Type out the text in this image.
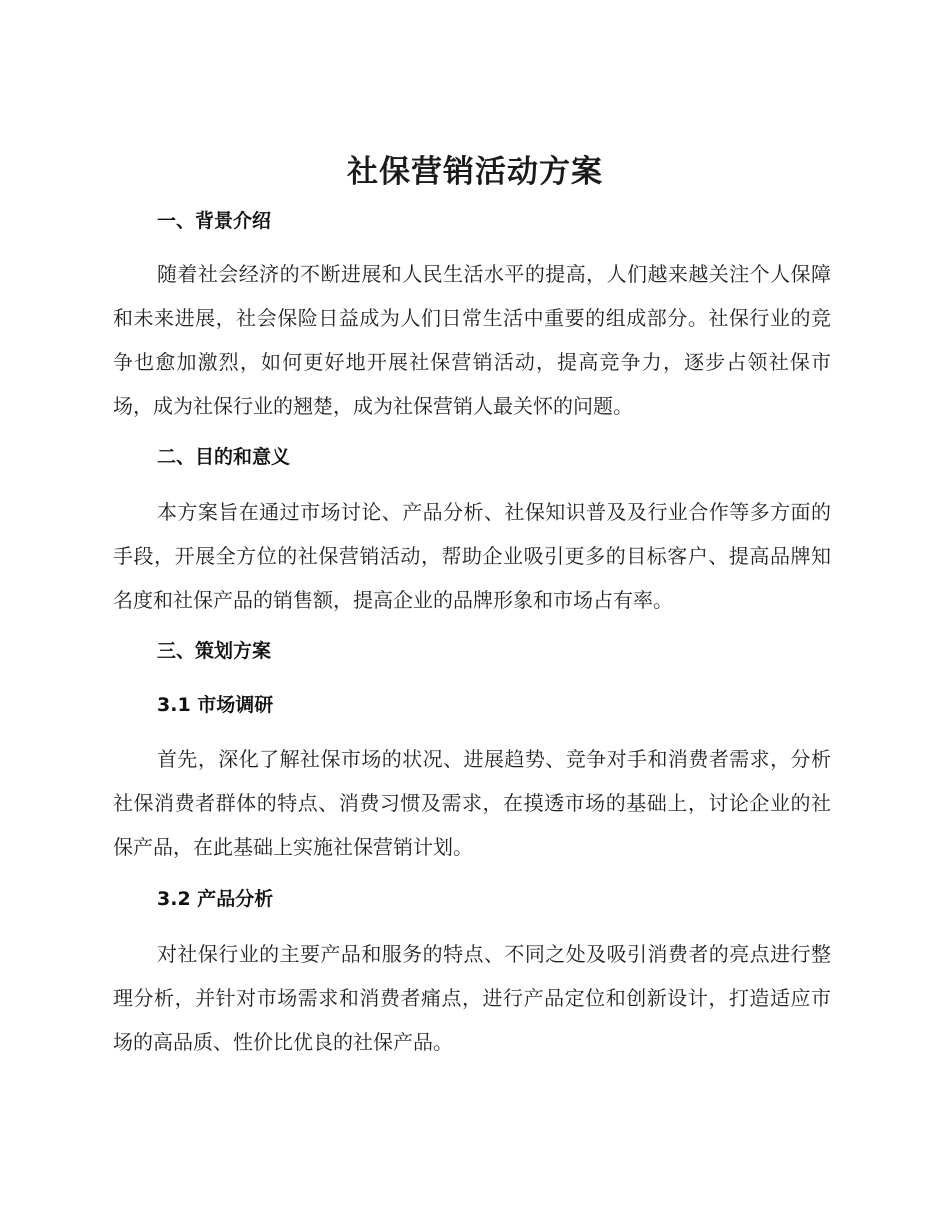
社保营销活动方案
一、背景介绍
随着社会经济的不断进展和人民生活水平的提高，人们越来越关注个人保障和未来进展，社会保险日益成为人们日常生活中重要的组成部分。社保行业的竞争也愈加激烈，如何更好地开展社保营销活动，提高竞争力，逐步占领社保市场，成为社保行业的翘楚，成为社保营销人最关怀的问题。
二、目的和意义
本方案旨在通过市场讨论、产品分析、社保知识普及及行业合作等多方面的手段，开展全方位的社保营销活动，帮助企业吸引更多的目标客户、提高品牌知名度和社保产品的销售额，提高企业的品牌形象和市场占有率。
三、策划方案
3.1 市场调研
首先，深化了解社保市场的状况、进展趋势、竞争对手和消费者需求，分析社保消费者群体的特点、消费习惯及需求，在摸透市场的基础上，讨论企业的社保产品，在此基础上实施社保营销计划。
3.2 产品分析
对社保行业的主要产品和服务的特点、不同之处及吸引消费者的亮点进行整理分析，并针对市场需求和消费者痛点，进行产品定位和创新设计，打造适应市场的高品质、性价比优良的社保产品。
